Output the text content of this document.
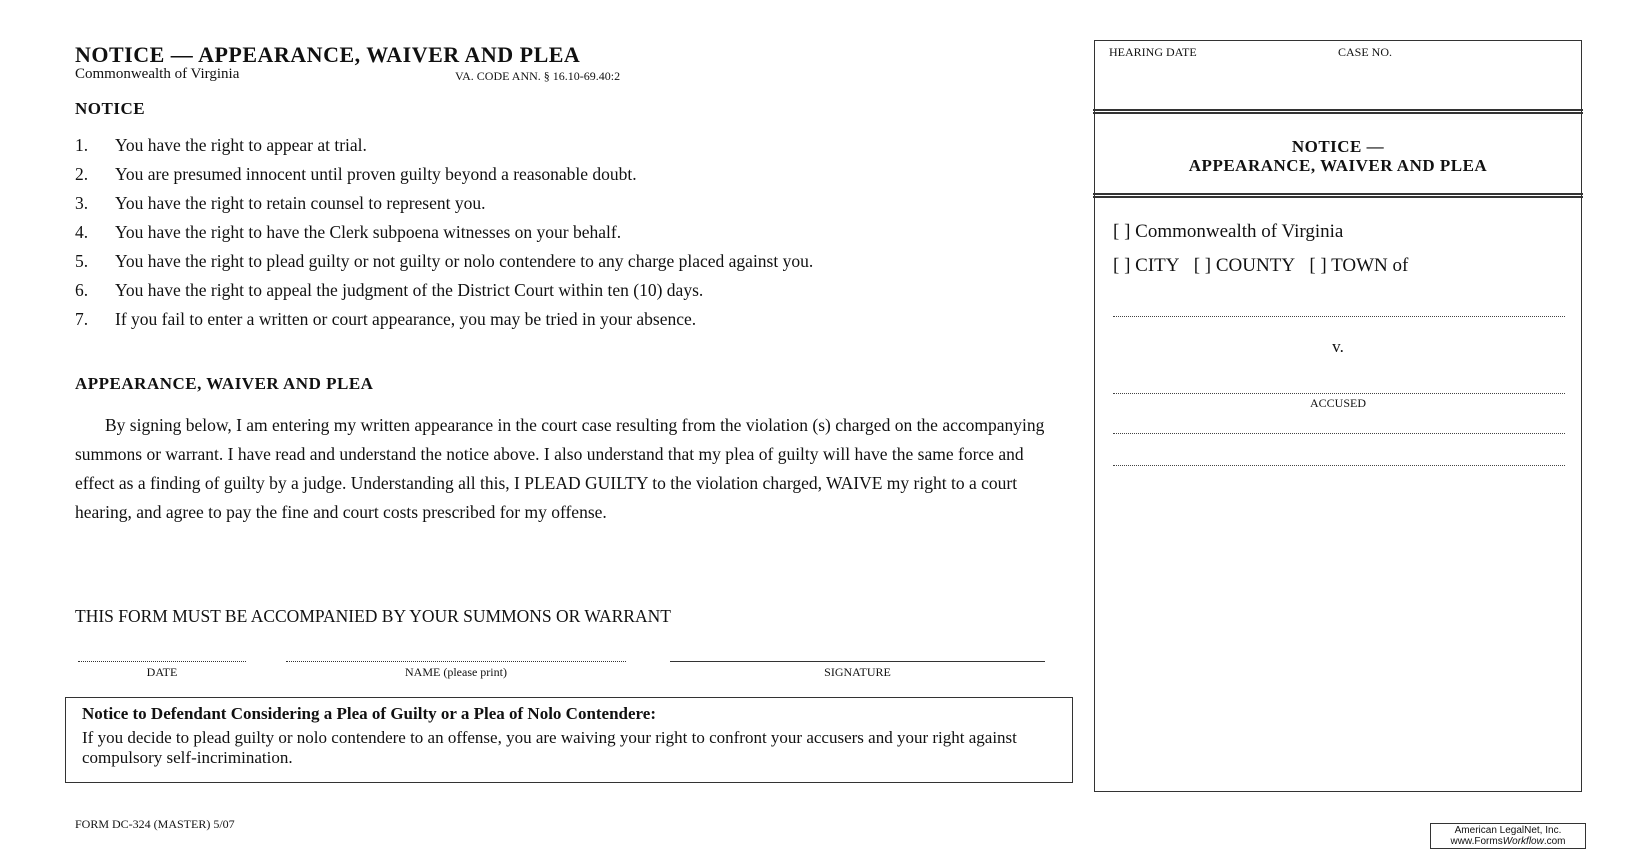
NOTICE — APPEARANCE, WAIVER AND PLEA
Commonwealth of Virginia	VA. CODE ANN. § 16.10-69.40:2
NOTICE
1.	You have the right to appear at trial.
2.	You are presumed innocent until proven guilty beyond a reasonable doubt.
3.	You have the right to retain counsel to represent you.
4.	You have the right to have the Clerk subpoena witnesses on your behalf.
5.	You have the right to plead guilty or not guilty or nolo contendere to any charge placed against you.
6.	You have the right to appeal the judgment of the District Court within ten (10) days.
7.	If you fail to enter a written or court appearance, you may be tried in your absence.
APPEARANCE, WAIVER AND PLEA

By signing below, I am entering my written appearance in the court case resulting from the violation (s) charged on the accompanying summons or warrant. I have read and understand the notice above. I also understand that my plea of guilty will have the same force and effect as a finding of guilty by a judge. Understanding all this, I PLEAD GUILTY to the violation charged, WAIVE my right to a court hearing, and agree to pay the fine and court costs prescribed for my offense.

THIS FORM MUST BE ACCOMPANIED BY YOUR SUMMONS OR WARRANT
DATE	NAME (please print)	SIGNATURE
Notice to Defendant Considering a Plea of Guilty or a Plea of Nolo Contendere:
If you decide to plead guilty or nolo contendere to an offense, you are waiving your right to confront your accusers and your right against compulsory self-incrimination.
FORM DC-324 (MASTER) 5/07	American LegalNet, Inc.
www.FormsWorkflow.com
HEARING DATE	CASE NO.
NOTICE —
APPEARANCE, WAIVER AND PLEA
[ ] Commonwealth of Virginia
[ ] CITY [ ] COUNTY [ ] TOWN of
v.
ACCUSED
